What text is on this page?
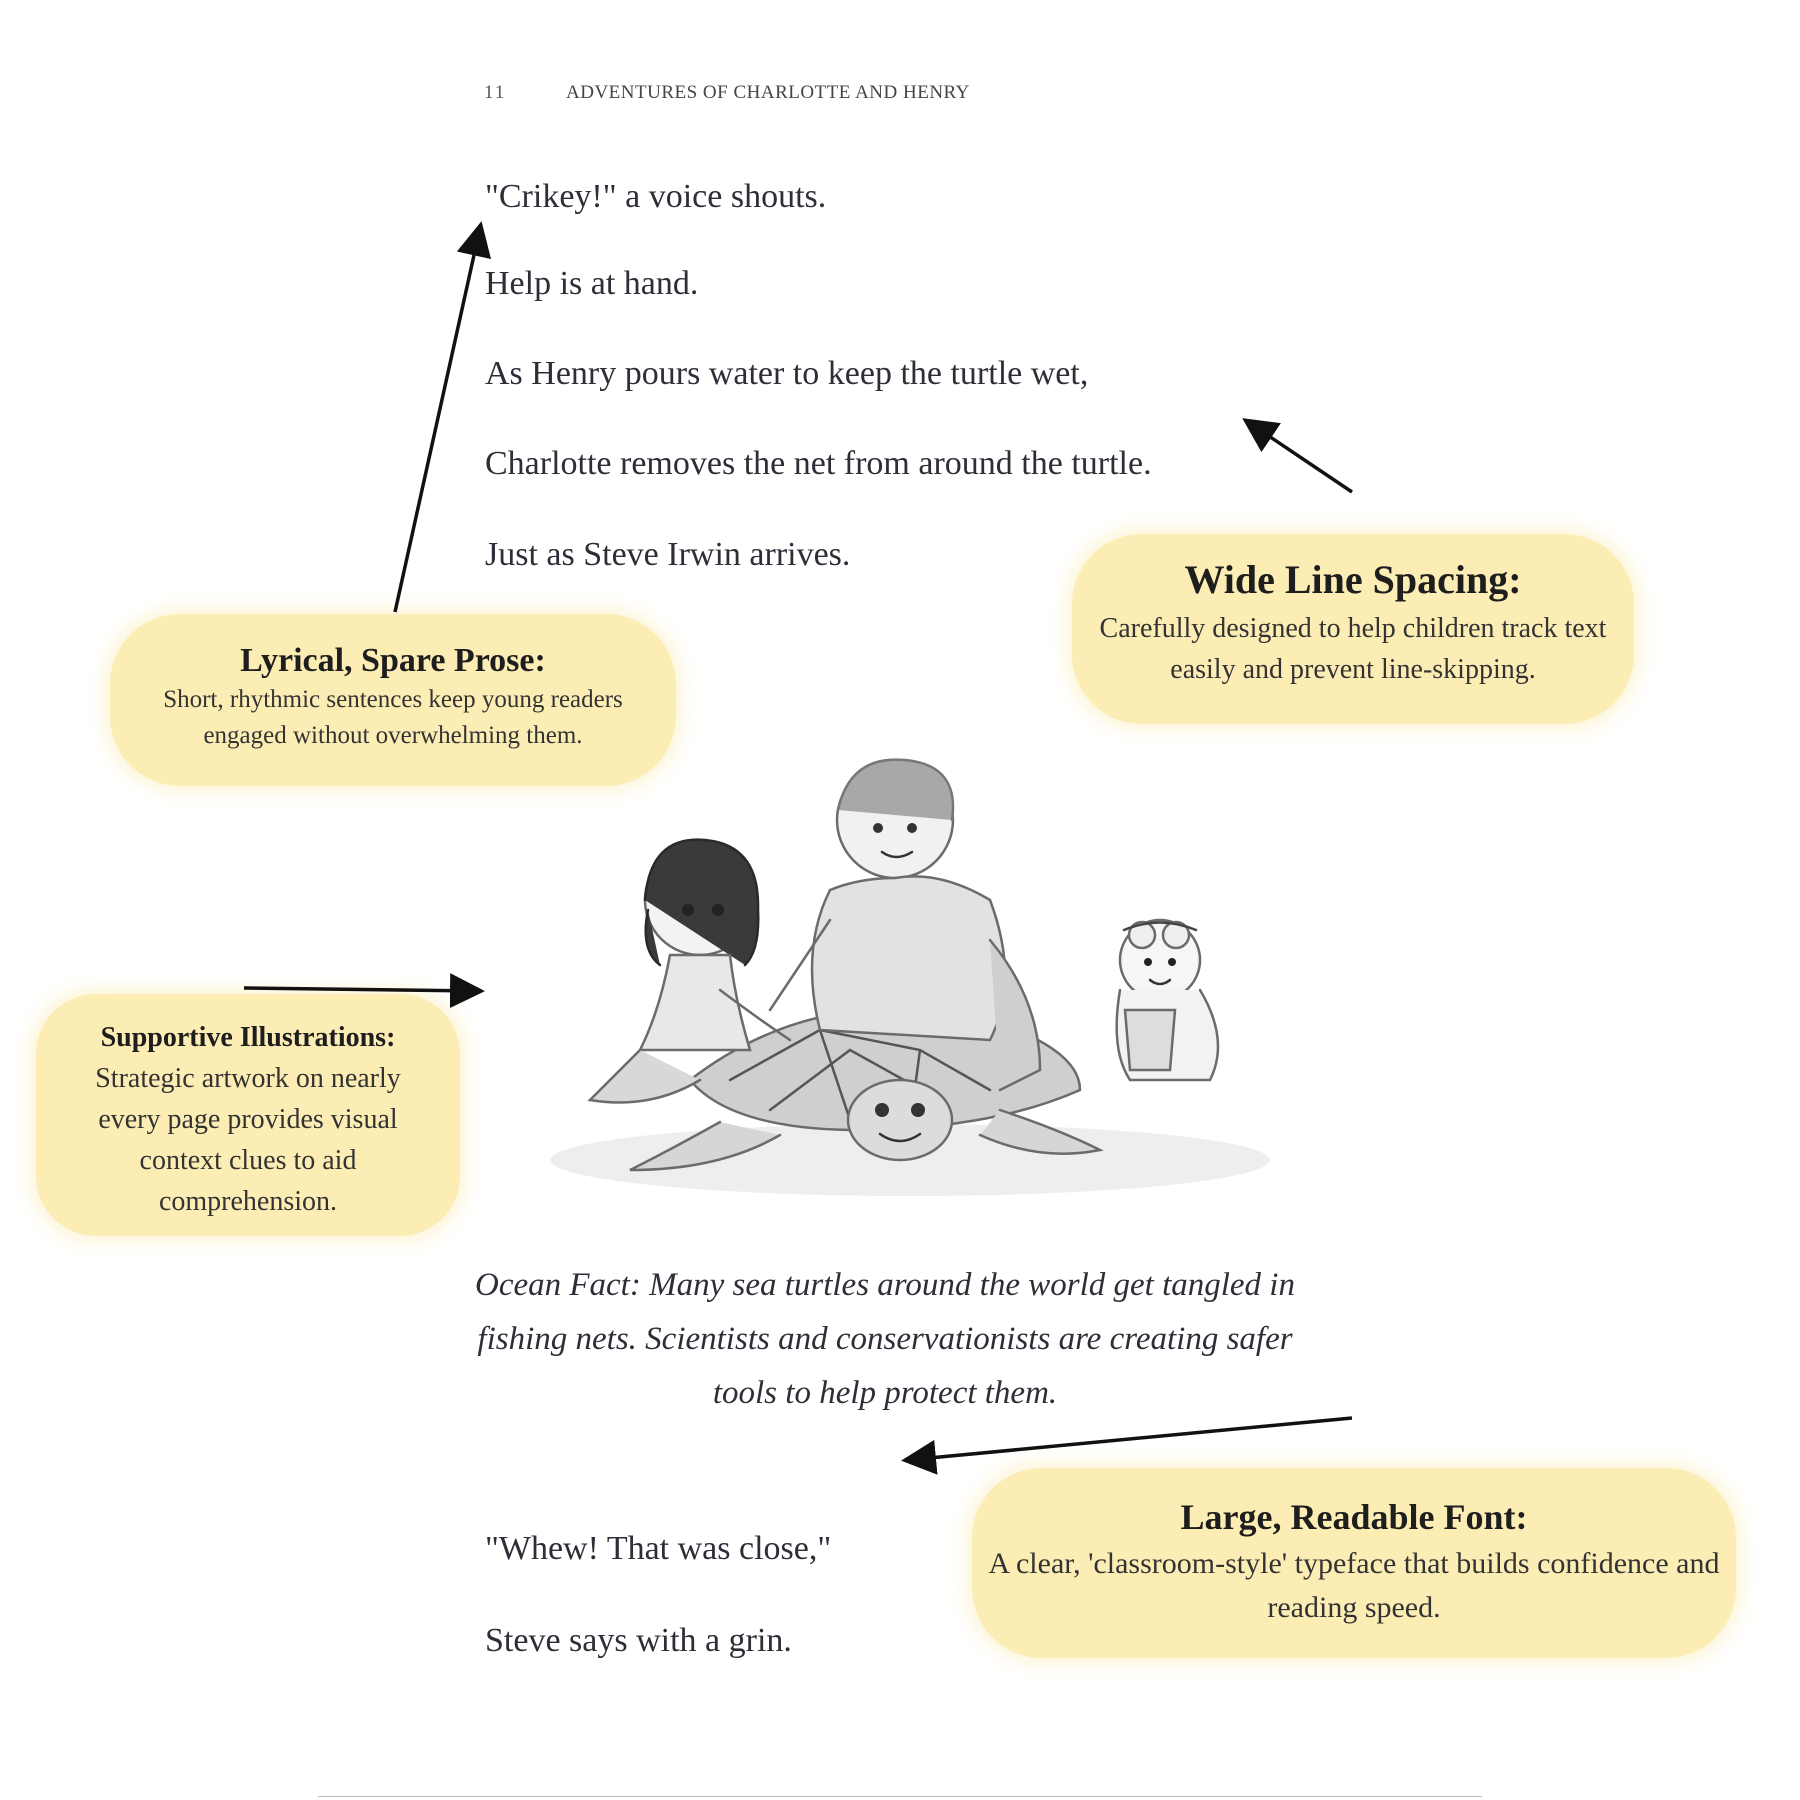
11	ADVENTURES OF CHARLOTTE AND HENRY
"Crikey!" a voice shouts.
Help is at hand.
As Henry pours water to keep the turtle wet,
Charlotte removes the net from around the turtle.
Just as Steve Irwin arrives.
Ocean Fact: Many sea turtles around the world get tangled in fishing nets. Scientists and conservationists are creating safer tools to help protect them.
"Whew! That was close,"
Steve says with a grin.
Lyrical, Spare Prose:
Short, rhythmic sentences keep young readers engaged without overwhelming them.
Wide Line Spacing:
Carefully designed to help children track text easily and prevent line-skipping.
Supportive Illustrations:
Strategic artwork on nearly every page provides visual context clues to aid comprehension.
Large, Readable Font:
A clear, 'classroom-style' typeface that builds confidence and reading speed.
